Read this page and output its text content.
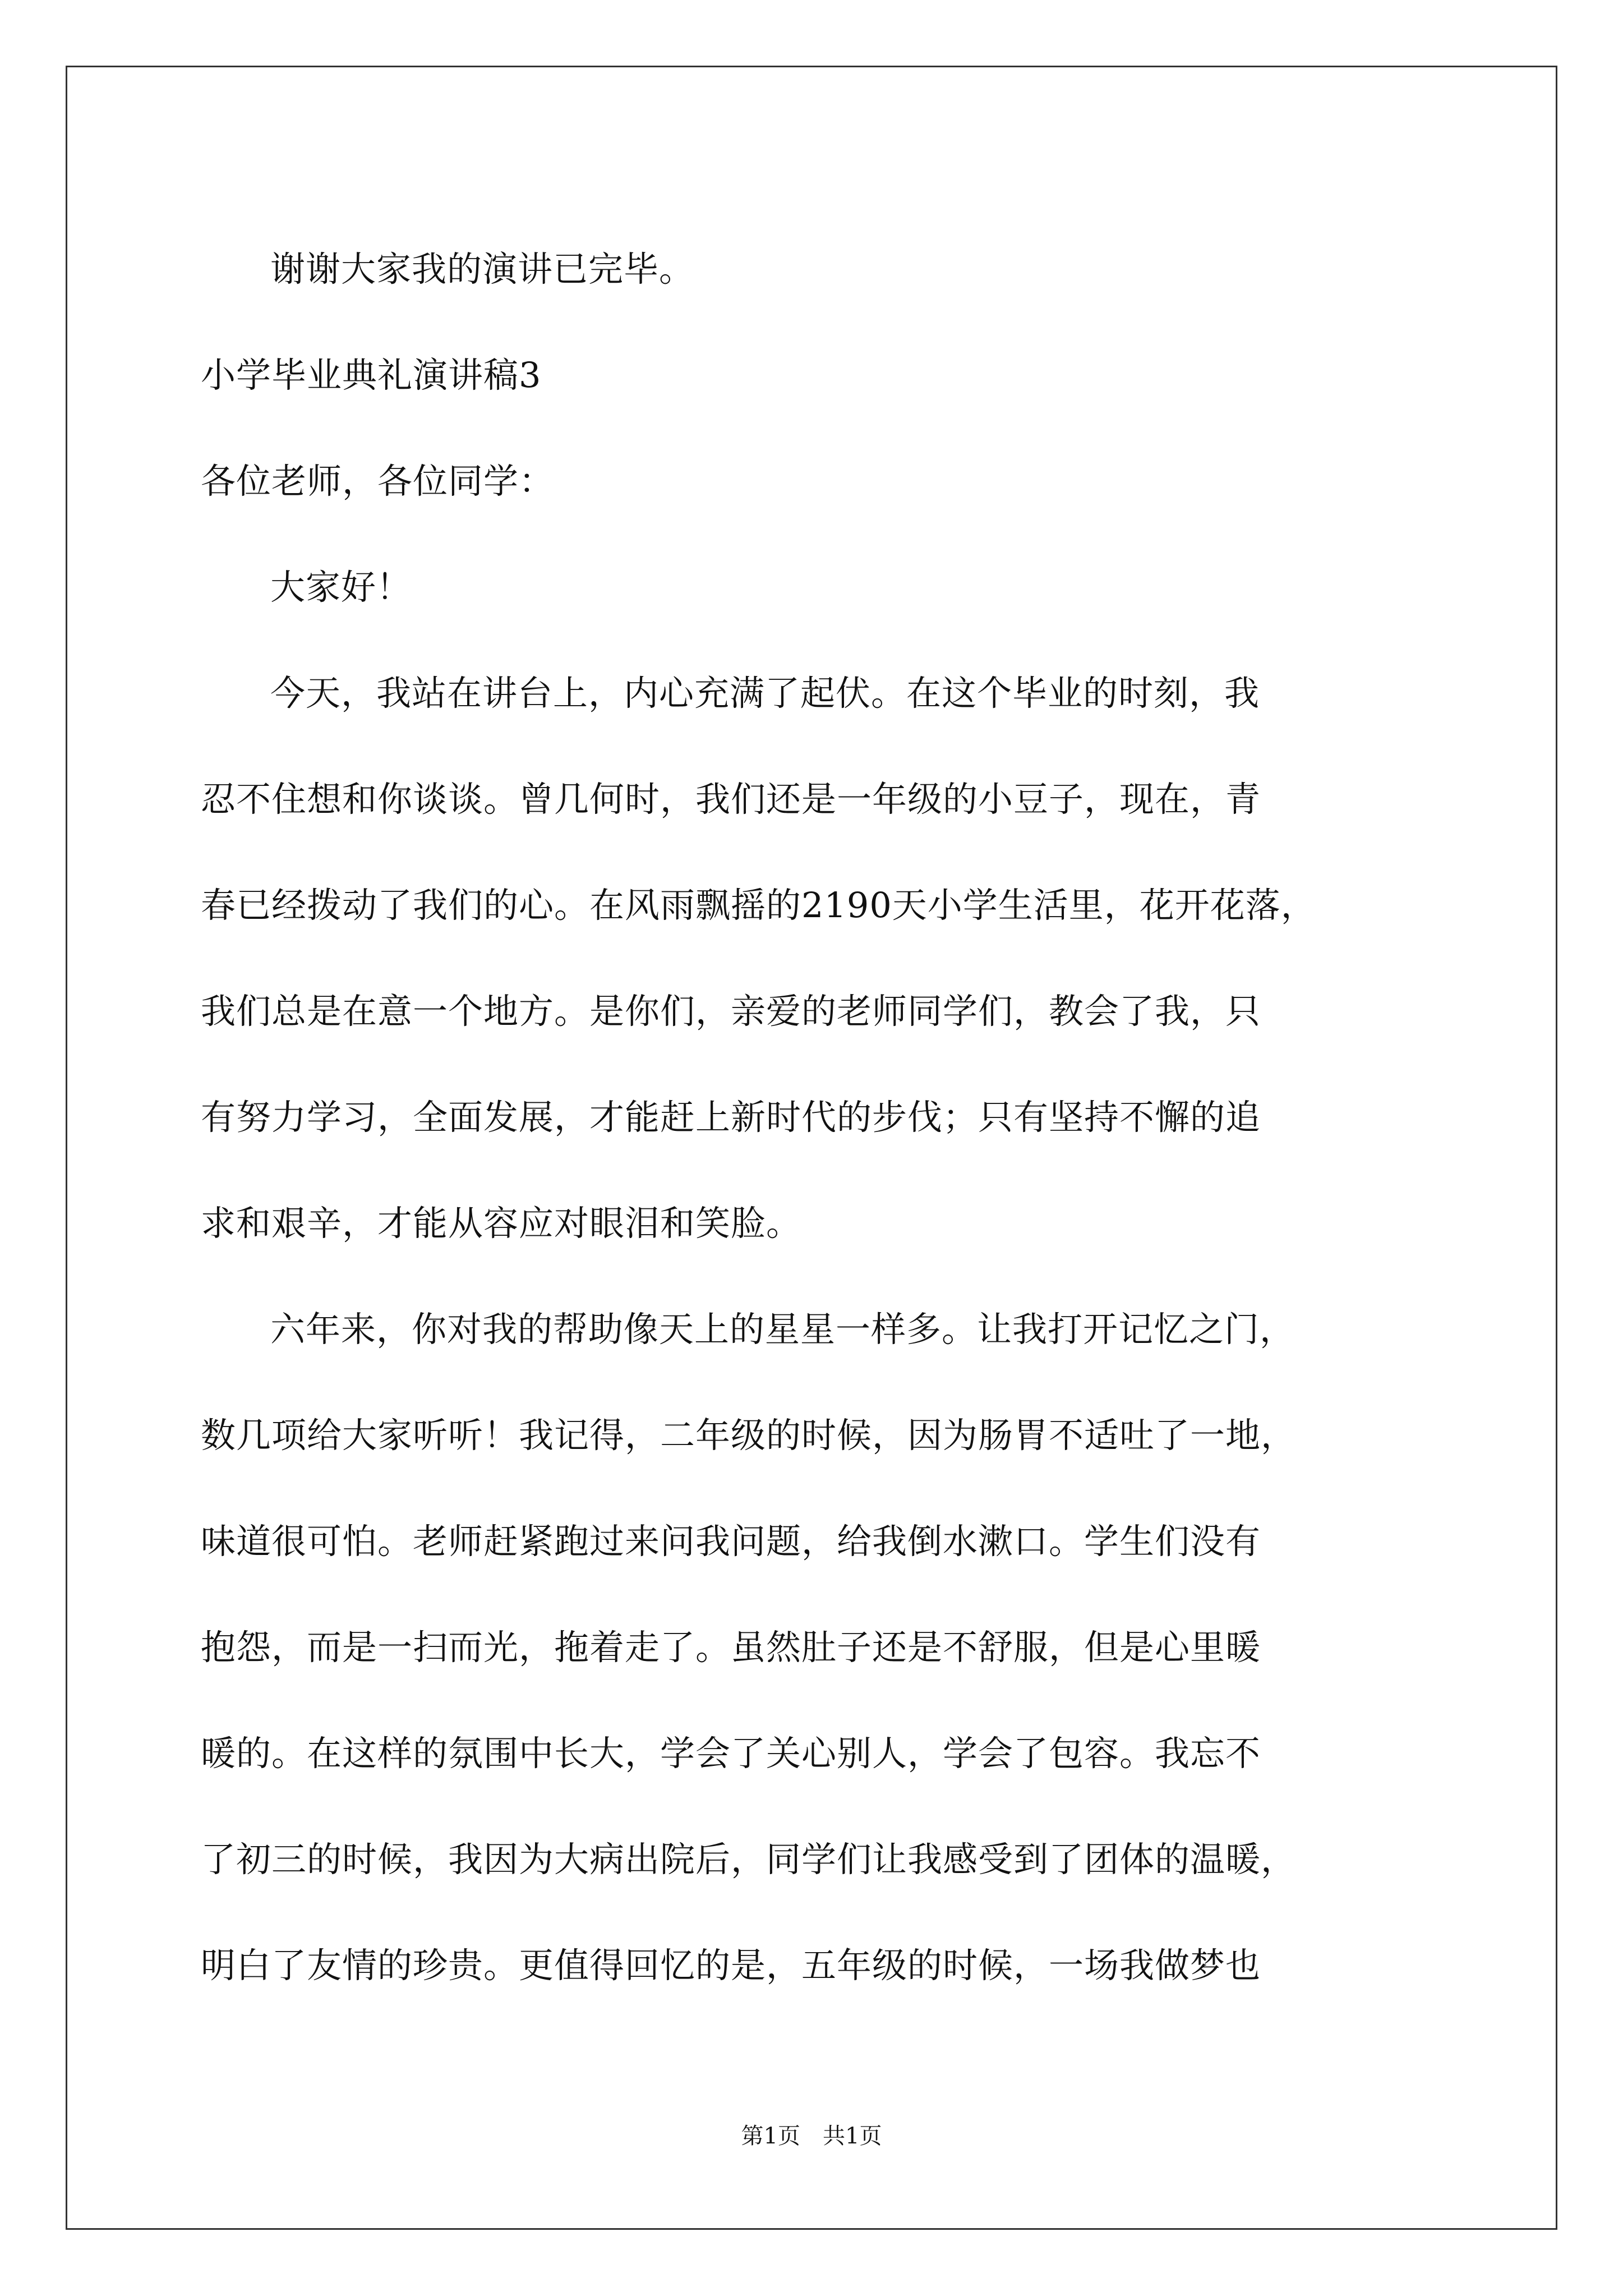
谢谢大家我的演讲已完毕。
小学毕业典礼演讲稿3
各位老师，各位同学：
大家好！
今天，我站在讲台上，内心充满了起伏。在这个毕业的时刻，我
忍不住想和你谈谈。曾几何时，我们还是一年级的小豆子，现在，青
春已经拨动了我们的心。在风雨飘摇的2190天小学生活里，花开花落，
我们总是在意一个地方。是你们，亲爱的老师同学们，教会了我，只
有努力学习，全面发展，才能赶上新时代的步伐；只有坚持不懈的追
求和艰辛，才能从容应对眼泪和笑脸。
六年来，你对我的帮助像天上的星星一样多。让我打开记忆之门，
数几项给大家听听！我记得，二年级的时候，因为肠胃不适吐了一地，
味道很可怕。老师赶紧跑过来问我问题，给我倒水漱口。学生们没有
抱怨，而是一扫而光，拖着走了。虽然肚子还是不舒服，但是心里暖
暖的。在这样的氛围中长大，学会了关心别人，学会了包容。我忘不
了初三的时候，我因为大病出院后，同学们让我感受到了团体的温暖，
明白了友情的珍贵。更值得回忆的是，五年级的时候，一场我做梦也
第1页　共1页
